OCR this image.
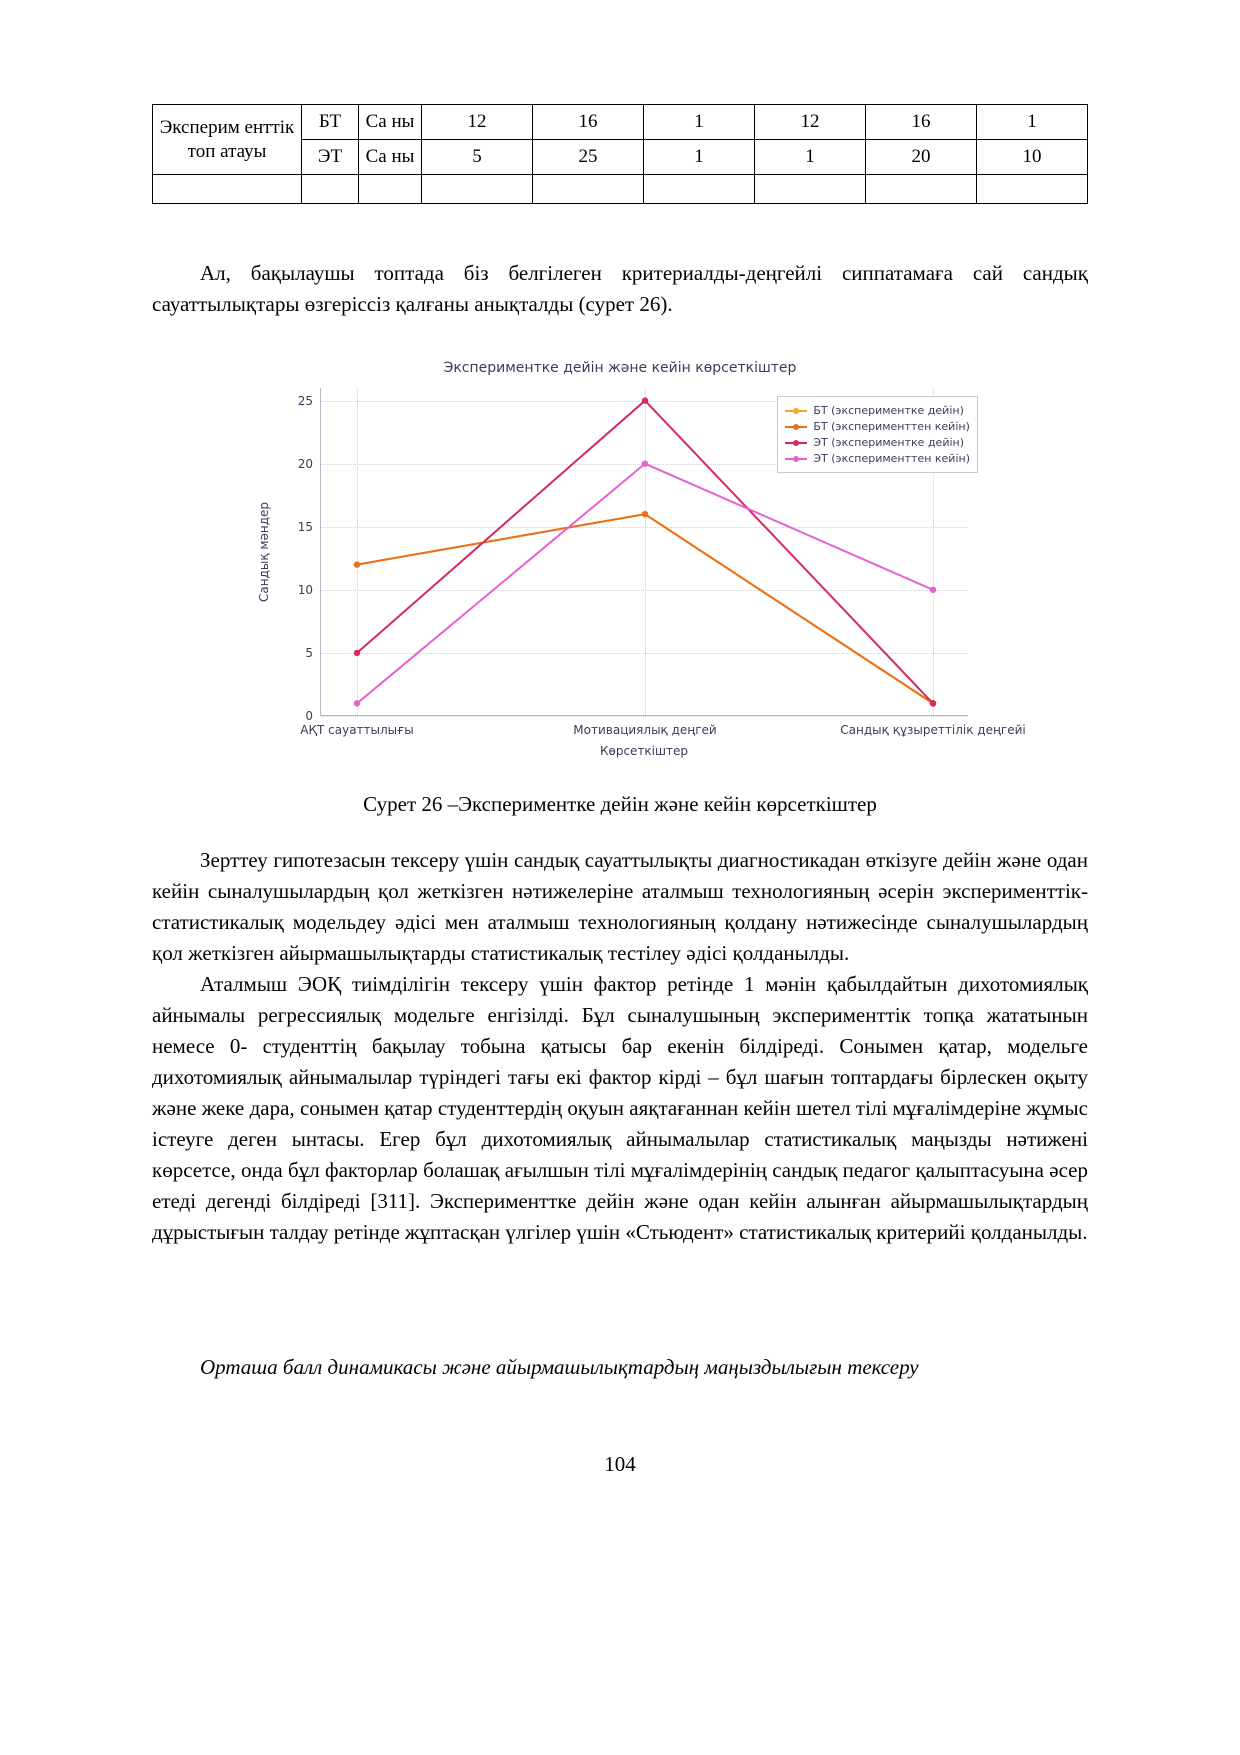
Эксперим енттік топ атауы	БТ	Са ны	12	16	1	12	16	1
	ЭТ	Са ны	5	25	1	1	20	10

Ал, бақылаушы топтада біз белгілеген критериалды-деңгейлі сиппатамаға сай сандық сауаттылықтары өзгеріссіз қалғаны анықталды (сурет 26).

Экспериментке дейін және кейін көрсеткіштер
Сандық мәндер
0
5
10
15
20
25
АҚТ сауаттылығы	Мотивациялық деңгей	Сандық құзыреттілік деңгейі
Көрсеткіштер
БТ (экспериментке дейін)
БТ (эксперименттен кейін)
ЭТ (экспериментке дейін)
ЭТ (эксперименттен кейін)
Сурет 26 –Экспериментке дейін және кейін көрсеткіштер

Зерттеу гипотезасын тексеру үшін сандық сауаттылықты диагностикадан өткізуге дейін және одан кейін сыналушылардың қол жеткізген нәтижелеріне аталмыш технологияның әсерін эксперименттік-статистикалық модельдеу әдісі мен аталмыш технологияның қолдану нәтижесінде сыналушылардың қол жеткізген айырмашылықтарды статистикалық тестілеу әдісі қолданылды.

Аталмыш ЭОҚ тиімділігін тексеру үшін фактор ретінде 1 мәнін қабылдайтын дихотомиялық айнымалы регрессиялық модельге енгізілді. Бұл сыналушының эксперименттік топқа жататынын немесе 0- студенттің бақылау тобына қатысы бар екенін білдіреді. Сонымен қатар, модельге дихотомиялық айнымалылар түріндегі тағы екі фактор кірді – бұл шағын топтардағы бірлескен оқыту және жеке дара, сонымен қатар студенттердің оқуын аяқтағаннан кейін шетел тілі мұғалімдеріне жұмыс істеуге деген ынтасы. Егер бұл дихотомиялық айнымалылар статистикалық маңызды нәтижені көрсетсе, онда бұл факторлар болашақ ағылшын тілі мұғалімдерінің сандық педагог қалыптасуына әсер етеді дегенді білдіреді [311]. Эксперименттке дейін және одан кейін алынған айырмашылықтардың дұрыстығын талдау ретінде жұптасқан үлгілер үшін «Стьюдент» статистикалық критерийі қолданылды.

Орташа балл динамикасы және айырмашылықтардың маңыздылығын тексеру

104
